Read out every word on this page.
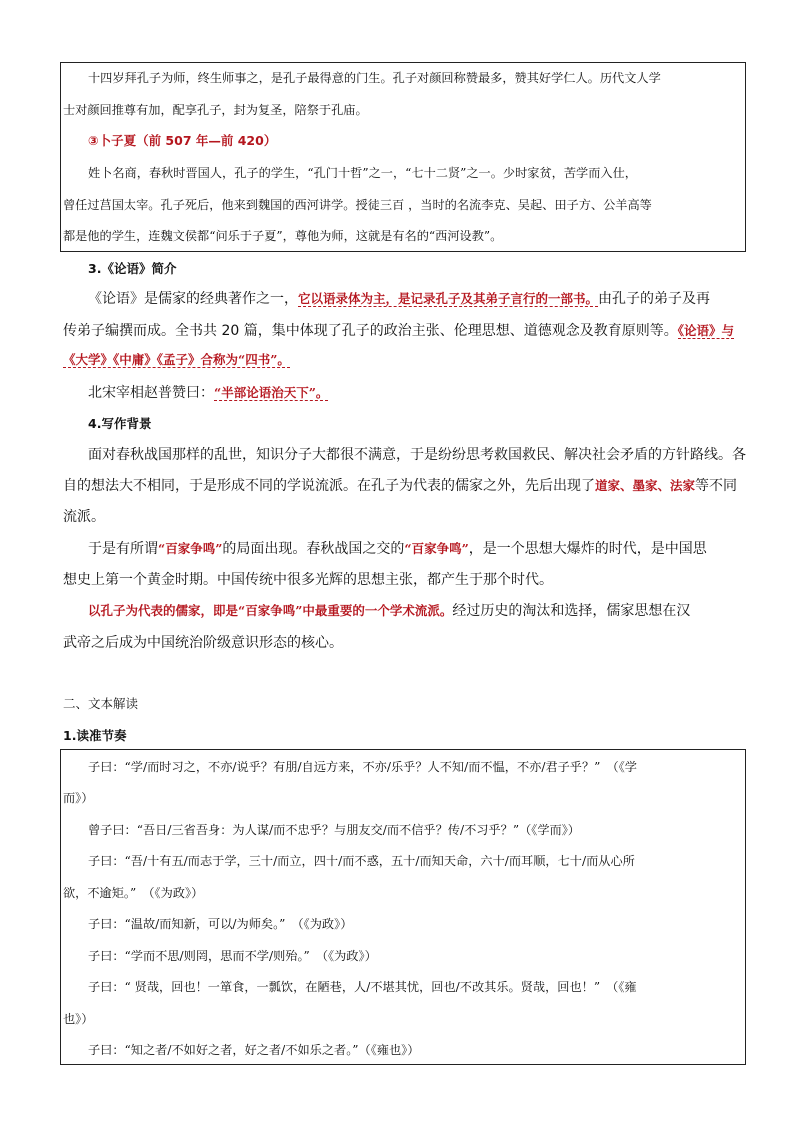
十四岁拜孔子为师，终生师事之，是孔子最得意的门生。孔子对颜回称赞最多，赞其好学仁人。历代文人学
士对颜回推尊有加，配享孔子，封为复圣，陪祭于孔庙。
③卜子夏（前 507 年—前 420）
姓卜名商，春秋时晋国人，孔子的学生，“孔门十哲”之一，“七十二贤”之一。少时家贫，苦学而入仕，
曾任过莒国太宰。孔子死后，他来到魏国的西河讲学。授徒三百 ，当时的名流李克、吴起、田子方、公羊高等
都是他的学生，连魏文侯都“问乐于子夏”，尊他为师，这就是有名的“西河设教”。
3.《论语》简介
《论语》是儒家的经典著作之一，它以语录体为主，是记录孔子及其弟子言行的一部书。由孔子的弟子及再
传弟子编撰而成。全书共 20 篇，集中体现了孔子的政治主张、伦理思想、道德观念及教育原则等。《论语》与
《大学》《中庸》《孟子》合称为“四书”。
北宋宰相赵普赞曰：“半部论语治天下”。
4.写作背景
面对春秋战国那样的乱世，知识分子大都很不满意，于是纷纷思考救国救民、解决社会矛盾的方针路线。各
自的想法大不相同，于是形成不同的学说流派。在孔子为代表的儒家之外，先后出现了道家、墨家、法家等不同
流派。
于是有所谓“百家争鸣”的局面出现。春秋战国之交的“百家争鸣”，是一个思想大爆炸的时代，是中国思
想史上第一个黄金时期。中国传统中很多光辉的思想主张，都产生于那个时代。
以孔子为代表的儒家，即是“百家争鸣”中最重要的一个学术流派。经过历史的淘汰和选择，儒家思想在汉
武帝之后成为中国统治阶级意识形态的核心。
二、文本解读
1.读准节奏
子曰：“学/而时习之，不亦/说乎？有朋/自远方来，不亦/乐乎？人不知/而不愠，不亦/君子乎？”　（《学
而》）
曾子曰：“吾日/三省吾身：为人谋/而不忠乎？与朋友交/而不信乎？传/不习乎？”（《学而》）
子曰：“吾/十有五/而志于学，三十/而立，四十/而不惑，五十/而知天命，六十/而耳顺，七十/而从心所
欲，不逾矩。”　（《为政》）
子曰：“温故/而知新，可以/为师矣。”　（《为政》）
子曰：“学而不思/则罔，思而不学/则殆。”　（《为政》）
子曰：“ 贤哉，回也！一箪食，一瓢饮，在陋巷，人/不堪其忧，回也/不改其乐。贤哉，回也！”　（《雍
也》）
子曰：“知之者/不如好之者，好之者/不如乐之者。”（《雍也》）
